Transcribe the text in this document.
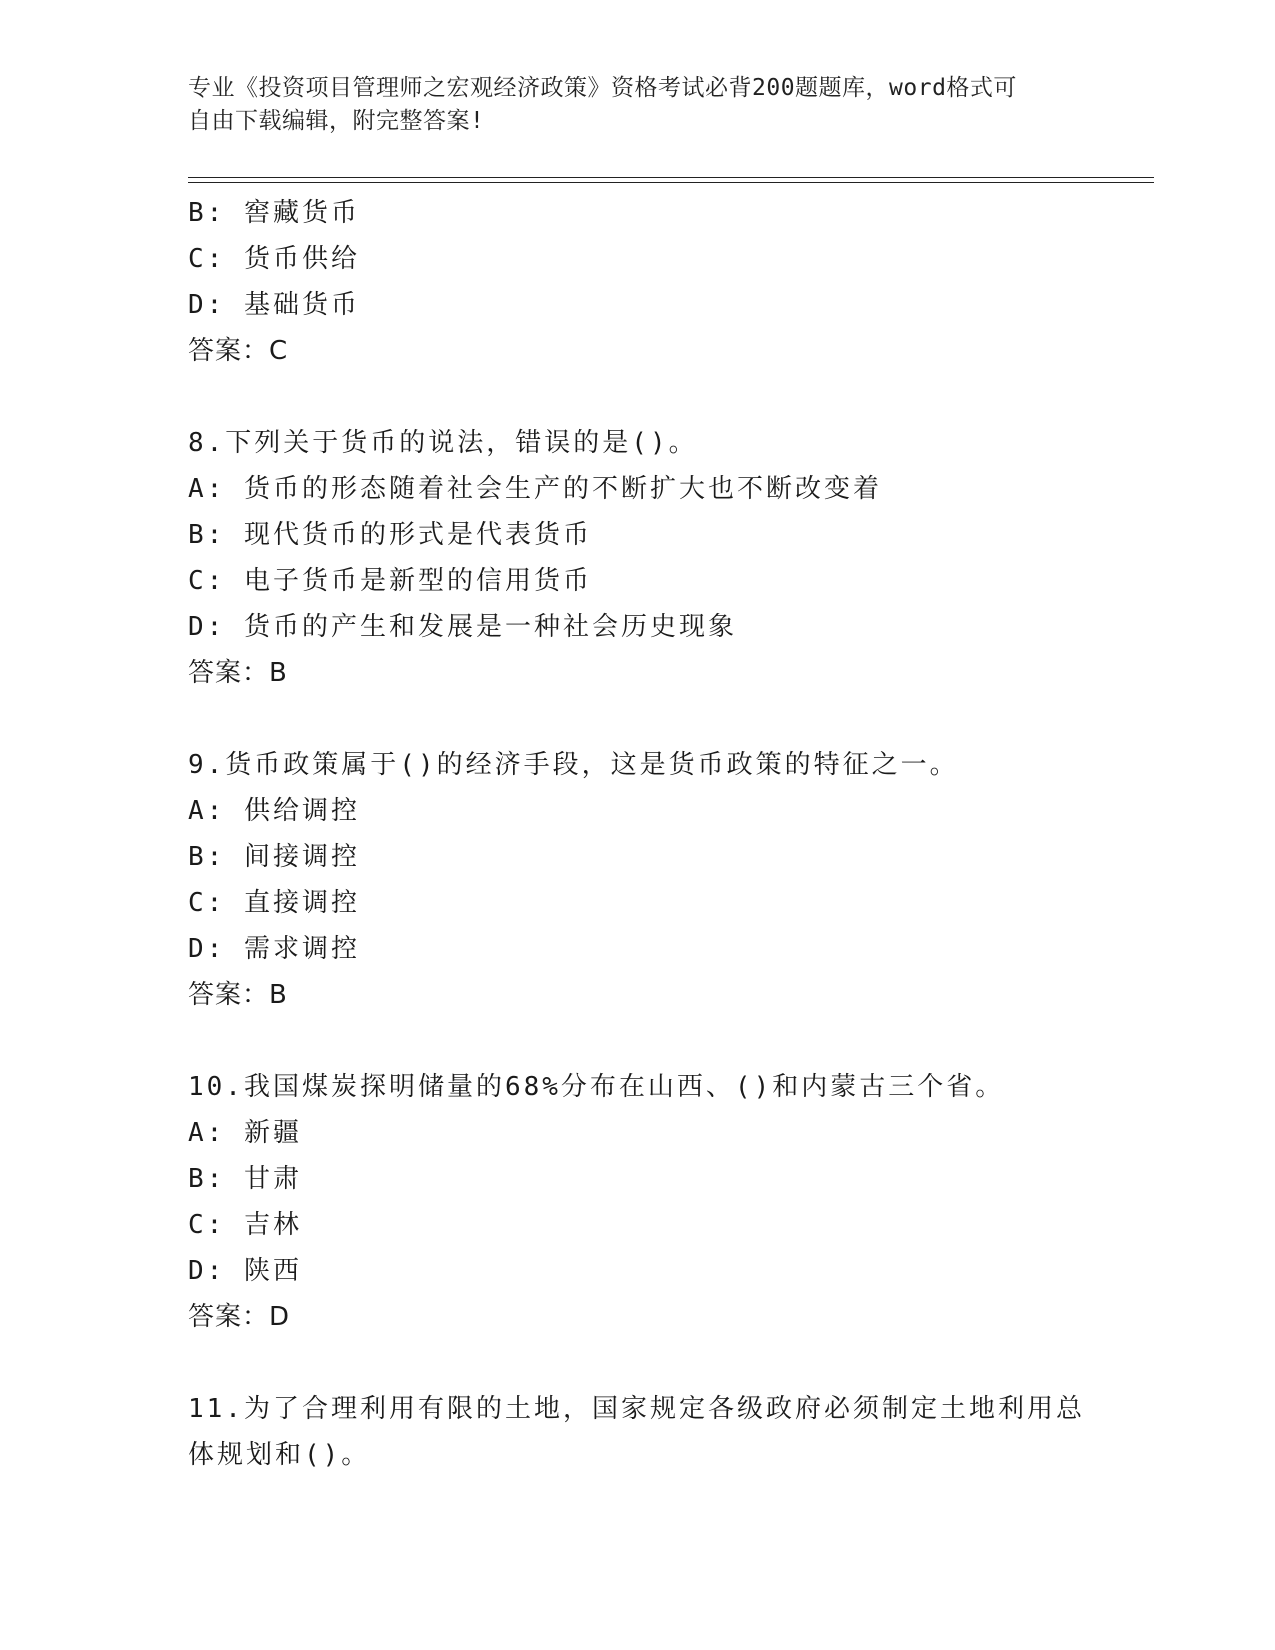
专业《投资项目管理师之宏观经济政策》资格考试必背200题题库，word格式可
自由下载编辑，附完整答案!
B: 窖藏货币
C: 货币供给
D: 基础货币
答案：C
8.下列关于货币的说法，错误的是()。
A: 货币的形态随着社会生产的不断扩大也不断改变着
B: 现代货币的形式是代表货币
C: 电子货币是新型的信用货币
D: 货币的产生和发展是一种社会历史现象
答案：B
9.货币政策属于()的经济手段，这是货币政策的特征之一。
A: 供给调控
B: 间接调控
C: 直接调控
D: 需求调控
答案：B
10.我国煤炭探明储量的68%分布在山西、()和内蒙古三个省。
A: 新疆
B: 甘肃
C: 吉林
D: 陕西
答案：D
11.为了合理利用有限的土地，国家规定各级政府必须制定土地利用总
体规划和()。
